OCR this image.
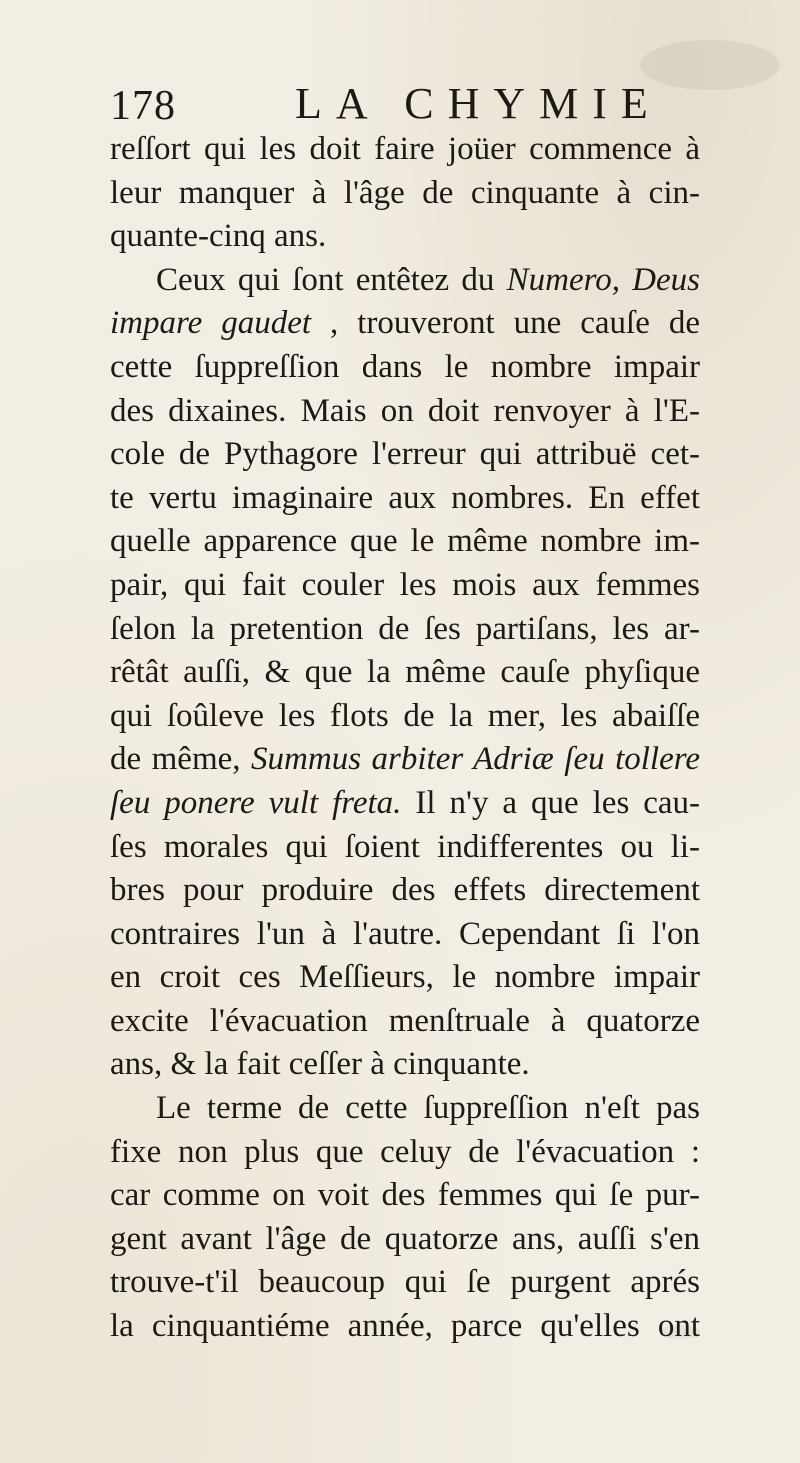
178	LA CHYMIE
reſſort qui les doit faire joüer commence à
leur manquer à l'âge de cinquante à cin-
quante-cinq ans.
Ceux qui ſont entêtez du Numero, Deus
impare gaudet , trouveront une cauſe de
cette ſuppreſſion dans le nombre impair
des dixaines. Mais on doit renvoyer à l'E-
cole de Pythagore l'erreur qui attribuë cet-
te vertu imaginaire aux nombres. En effet
quelle apparence que le même nombre im-
pair, qui fait couler les mois aux femmes
ſelon la pretention de ſes partiſans, les ar-
rêtât auſſi, & que la même cauſe phyſique
qui ſoûleve les flots de la mer, les abaiſſe
de même, Summus arbiter Adriæ ſeu tollere
ſeu ponere vult freta. Il n'y a que les cau-
ſes morales qui ſoient indifferentes ou li-
bres pour produire des effets directement
contraires l'un à l'autre. Cependant ſi l'on
en croit ces Meſſieurs, le nombre impair
excite l'évacuation menſtruale à quatorze
ans, & la fait ceſſer à cinquante.
Le terme de cette ſuppreſſion n'eſt pas
fixe non plus que celuy de l'évacuation :
car comme on voit des femmes qui ſe pur-
gent avant l'âge de quatorze ans, auſſi s'en
trouve-t'il beaucoup qui ſe purgent aprés
la cinquantiéme année, parce qu'elles ont
